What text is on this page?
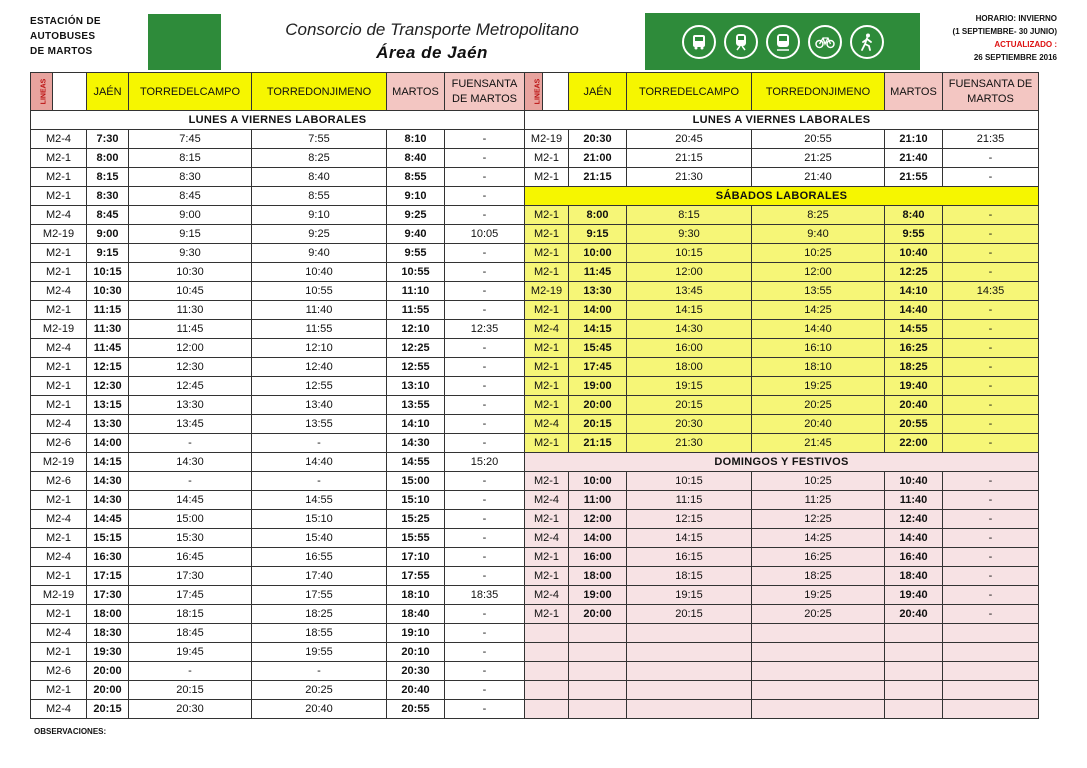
ESTACIÓN DE
AUTOBUSES
DE MARTOS
Consorcio de Transporte Metropolitano
Área de Jaén
HORARIO: INVIERNO
(1 SEPTIEMBRE- 30 JUNIO)
ACTUALIZADO :
26 SEPTIEMBRE 2016
LINEAS		JAÉN	TORREDELCAMPO	TORREDONJIMENO	MARTOS	FUENSANTA DE MARTOS
LUNES A VIERNES LABORALES						
M2-4		7:30	7:45	7:55	8:10	-
M2-1		8:00	8:15	8:25	8:40	-
M2-1		8:15	8:30	8:40	8:55	-
M2-1		8:30	8:45	8:55	9:10	-
M2-4		8:45	9:00	9:10	9:25	-
M2-19		9:00	9:15	9:25	9:40	10:05
M2-1		9:15	9:30	9:40	9:55	-
M2-1		10:15	10:30	10:40	10:55	-
M2-4		10:30	10:45	10:55	11:10	-
M2-1		11:15	11:30	11:40	11:55	-
M2-19		11:30	11:45	11:55	12:10	12:35
M2-4		11:45	12:00	12:10	12:25	-
M2-1		12:15	12:30	12:40	12:55	-
M2-1		12:30	12:45	12:55	13:10	-
M2-1		13:15	13:30	13:40	13:55	-
M2-4		13:30	13:45	13:55	14:10	-
M2-6		14:00	-	-	14:30	-
M2-19		14:15	14:30	14:40	14:55	15:20
M2-6		14:30	-	-	15:00	-
M2-1		14:30	14:45	14:55	15:10	-
M2-4		14:45	15:00	15:10	15:25	-
M2-1		15:15	15:30	15:40	15:55	-
M2-4		16:30	16:45	16:55	17:10	-
M2-1		17:15	17:30	17:40	17:55	-
M2-19		17:30	17:45	17:55	18:10	18:35
M2-1		18:00	18:15	18:25	18:40	-
M2-4		18:30	18:45	18:55	19:10	-
M2-1		19:30	19:45	19:55	20:10	-
M2-6		20:00	-	-	20:30	-
M2-1		20:00	20:15	20:25	20:40	-
M2-4		20:15	20:30	20:40	20:55	-
LINEAS		JAÉN	TORREDELCAMPO	TORREDONJIMENO	MARTOS	FUENSANTA DE MARTOS
LUNES A VIERNES LABORALES						
M2-19		20:30	20:45	20:55	21:10	21:35
M2-1		21:00	21:15	21:25	21:40	-
M2-1		21:15	21:30	21:40	21:55	-
SÁBADOS LABORALES						
M2-1		8:00	8:15	8:25	8:40	-
M2-1		9:15	9:30	9:40	9:55	-
M2-1		10:00	10:15	10:25	10:40	-
M2-1		11:45	12:00	12:00	12:25	-
M2-19		13:30	13:45	13:55	14:10	14:35
M2-1		14:00	14:15	14:25	14:40	-
M2-4		14:15	14:30	14:40	14:55	-
M2-1		15:45	16:00	16:10	16:25	-
M2-1		17:45	18:00	18:10	18:25	-
M2-1		19:00	19:15	19:25	19:40	-
M2-1		20:00	20:15	20:25	20:40	-
M2-4		20:15	20:30	20:40	20:55	-
M2-1		21:15	21:30	21:45	22:00	-
DOMINGOS Y FESTIVOS						
M2-1		10:00	10:15	10:25	10:40	-
M2-4		11:00	11:15	11:25	11:40	-
M2-1		12:00	12:15	12:25	12:40	-
M2-4		14:00	14:15	14:25	14:40	-
M2-1		16:00	16:15	16:25	16:40	-
M2-1		18:00	18:15	18:25	18:40	-
M2-4		19:00	19:15	19:25	19:40	-
M2-1		20:00	20:15	20:25	20:40	-

OBSERVACIONES:
